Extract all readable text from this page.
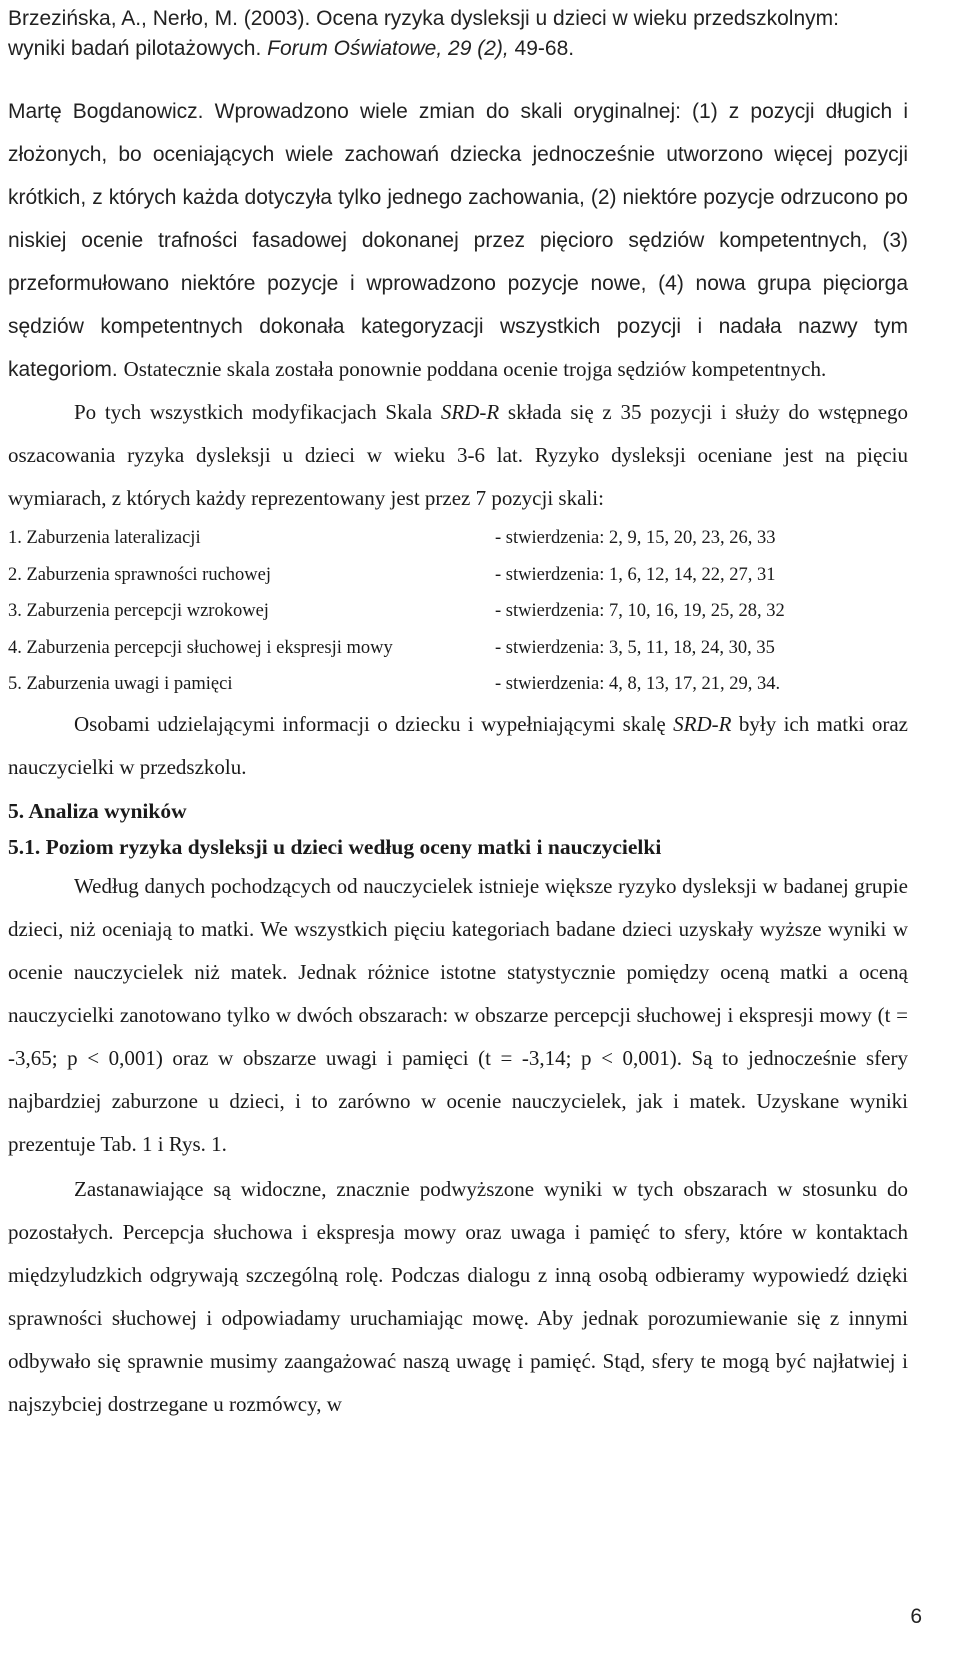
Brzezińska, A., Nerło, M. (2003). Ocena ryzyka dysleksji u dzieci w wieku przedszkolnym:
wyniki badań pilotażowych. Forum Oświatowe, 29 (2), 49-68.

Martę Bogdanowicz. Wprowadzono wiele zmian do skali oryginalnej: (1) z pozycji długich i złożonych, bo oceniających wiele zachowań dziecka jednocześnie utworzono więcej pozycji krótkich, z których każda dotyczyła tylko jednego zachowania, (2) niektóre pozycje odrzucono po niskiej ocenie trafności fasadowej dokonanej przez pięcioro sędziów kompetentnych, (3) przeformułowano niektóre pozycje i wprowadzono pozycje nowe, (4) nowa grupa pięciorga sędziów kompetentnych dokonała kategoryzacji wszystkich pozycji i nadała nazwy tym kategoriom. Ostatecznie skala została ponownie poddana ocenie trojga sędziów kompetentnych.

Po tych wszystkich modyfikacjach Skala SRD-R składa się z 35 pozycji i służy do wstępnego oszacowania ryzyka dysleksji u dzieci w wieku 3-6 lat. Ryzyko dysleksji oceniane jest na pięciu wymiarach, z których każdy reprezentowany jest przez 7 pozycji skali:

1. Zaburzenia lateralizacji	- stwierdzenia: 2, 9, 15, 20, 23, 26, 33
2. Zaburzenia sprawności ruchowej	- stwierdzenia: 1, 6, 12, 14, 22, 27, 31
3. Zaburzenia percepcji wzrokowej	- stwierdzenia: 7, 10, 16, 19, 25, 28, 32
4. Zaburzenia percepcji słuchowej i ekspresji mowy	- stwierdzenia: 3, 5, 11, 18, 24, 30, 35
5. Zaburzenia uwagi i pamięci	- stwierdzenia: 4, 8, 13, 17, 21, 29, 34.

Osobami udzielającymi informacji o dziecku i wypełniającymi skalę SRD-R były ich matki oraz nauczycielki w przedszkolu.

5. Analiza wyników
5.1. Poziom ryzyka dysleksji u dzieci według oceny matki i nauczycielki

Według danych pochodzących od nauczycielek istnieje większe ryzyko dysleksji w badanej grupie dzieci, niż oceniają to matki. We wszystkich pięciu kategoriach badane dzieci uzyskały wyższe wyniki w ocenie nauczycielek niż matek. Jednak różnice istotne statystycznie pomiędzy oceną matki a oceną nauczycielki zanotowano tylko w dwóch obszarach: w obszarze percepcji słuchowej i ekspresji mowy (t = -3,65; p < 0,001) oraz w obszarze uwagi i pamięci (t = -3,14; p < 0,001). Są to jednocześnie sfery najbardziej zaburzone u dzieci, i to zarówno w ocenie nauczycielek, jak i matek. Uzyskane wyniki prezentuje Tab. 1 i Rys. 1.

Zastanawiające są widoczne, znacznie podwyższone wyniki w tych obszarach w stosunku do pozostałych. Percepcja słuchowa i ekspresja mowy oraz uwaga i pamięć to sfery, które w kontaktach międzyludzkich odgrywają szczególną rolę. Podczas dialogu z inną osobą odbieramy wypowiedź dzięki sprawności słuchowej i odpowiadamy uruchamiając mowę. Aby jednak porozumiewanie się z innymi odbywało się sprawnie musimy zaangażować naszą uwagę i pamięć. Stąd, sfery te mogą być najłatwiej i najszybciej dostrzegane u rozmówcy, w

6
